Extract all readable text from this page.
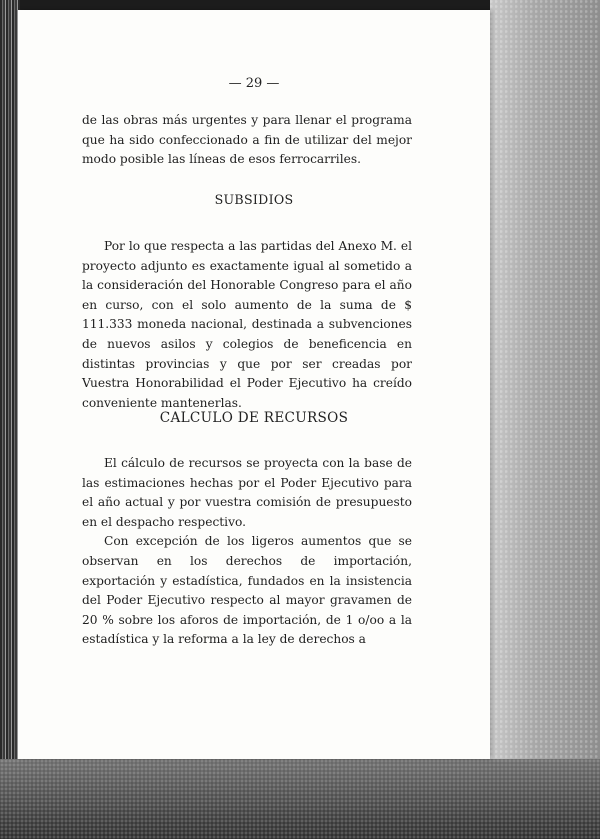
— 29 —

de las obras más urgentes y para llenar el programa que ha sido confeccionado a fin de utilizar del mejor modo posible las líneas de esos ferrocarriles.

SUBSIDIOS

Por lo que respecta a las partidas del Anexo M. el proyecto adjunto es exactamente igual al sometido a la consideración del Honorable Congreso para el año en curso, con el solo aumento de la suma de $ 111.333 moneda nacional, destinada a subvenciones de nuevos asilos y colegios de beneficencia en distintas provincias y que por ser creadas por Vuestra Honorabilidad el Poder Ejecutivo ha creído conveniente mantenerlas.

CALCULO DE RECURSOS

El cálculo de recursos se proyecta con la base de las estimaciones hechas por el Poder Ejecutivo para el año actual y por vuestra comisión de presupuesto en el despacho respectivo.

Con excepción de los ligeros aumentos que se observan en los derechos de importación, exportación y estadística, fundados en la insistencia del Poder Ejecutivo respecto al mayor gravamen de 20 % sobre los aforos de importación, de 1 o/oo a la estadística y la reforma a la ley de derechos a
